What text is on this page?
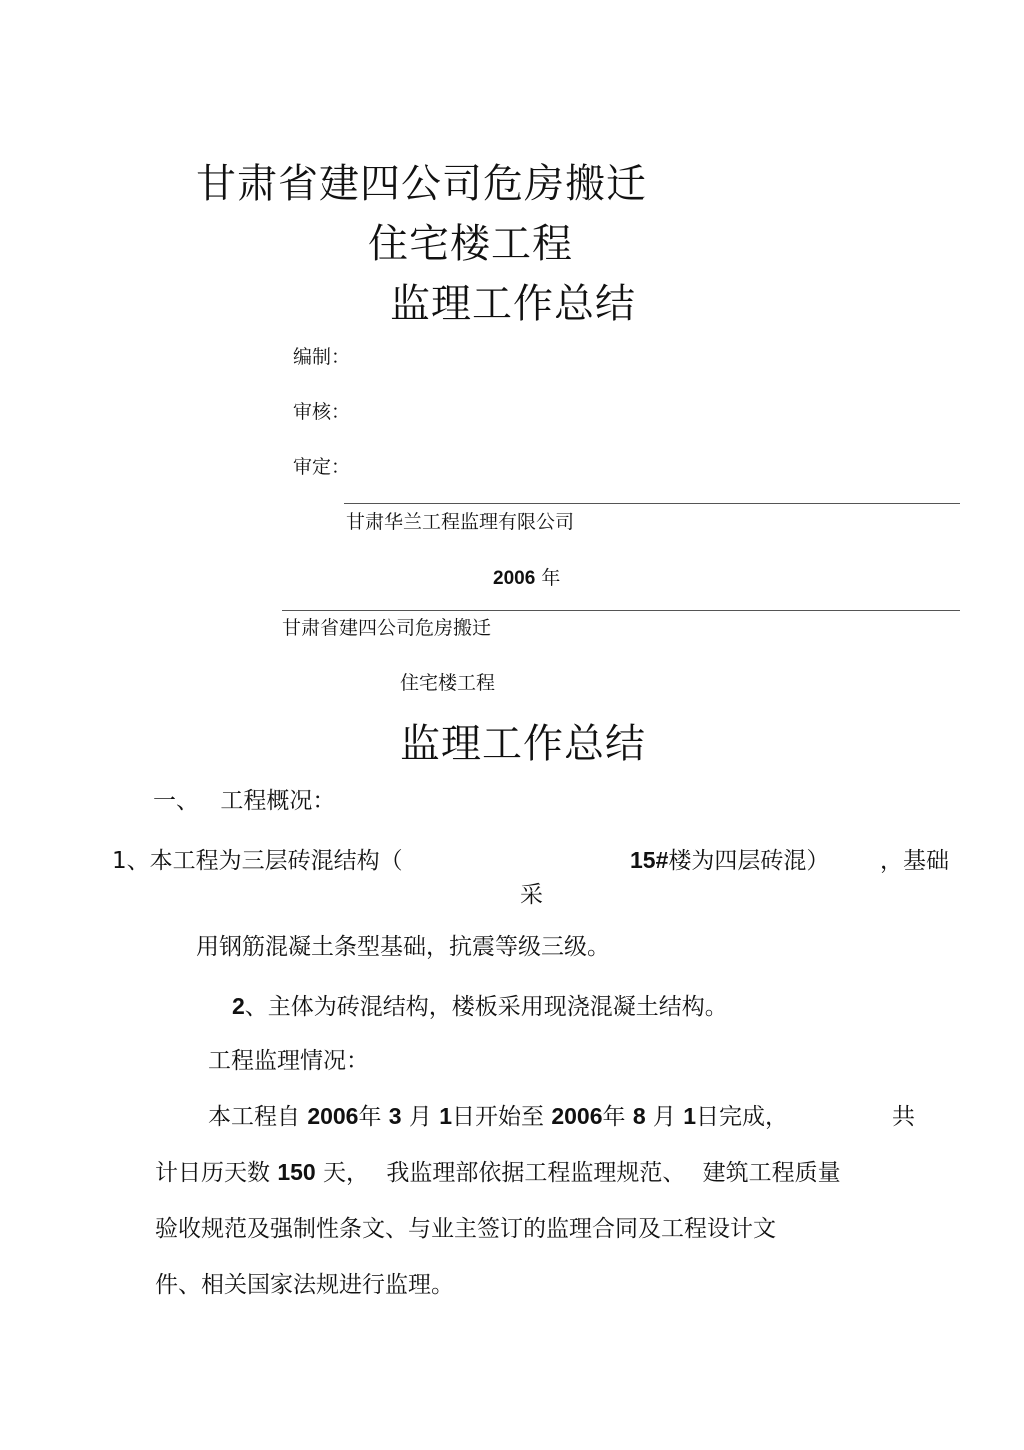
甘肃省建四公司危房搬迁
住宅楼工程
监理工作总结
编制：
审核：
审定：
甘肃华兰工程监理有限公司
2006 年
甘肃省建四公司危房搬迁
住宅楼工程
监理工作总结
一、 工程概况：
1、本工程为三层砖混结构（	15#楼为四层砖混） ，基础
采
用钢筋混凝土条型基础，抗震等级三级。
2、主体为砖混结构，楼板采用现浇混凝土结构。
工程监理情况：
本工程自 2006年 3 月 1日开始至 2006年 8 月 1日完成，	共
计日历天数 150 天， 我监理部依据工程监理规范、 建筑工程质量
验收规范及强制性条文、与业主签订的监理合同及工程设计文
件、相关国家法规进行监理。
